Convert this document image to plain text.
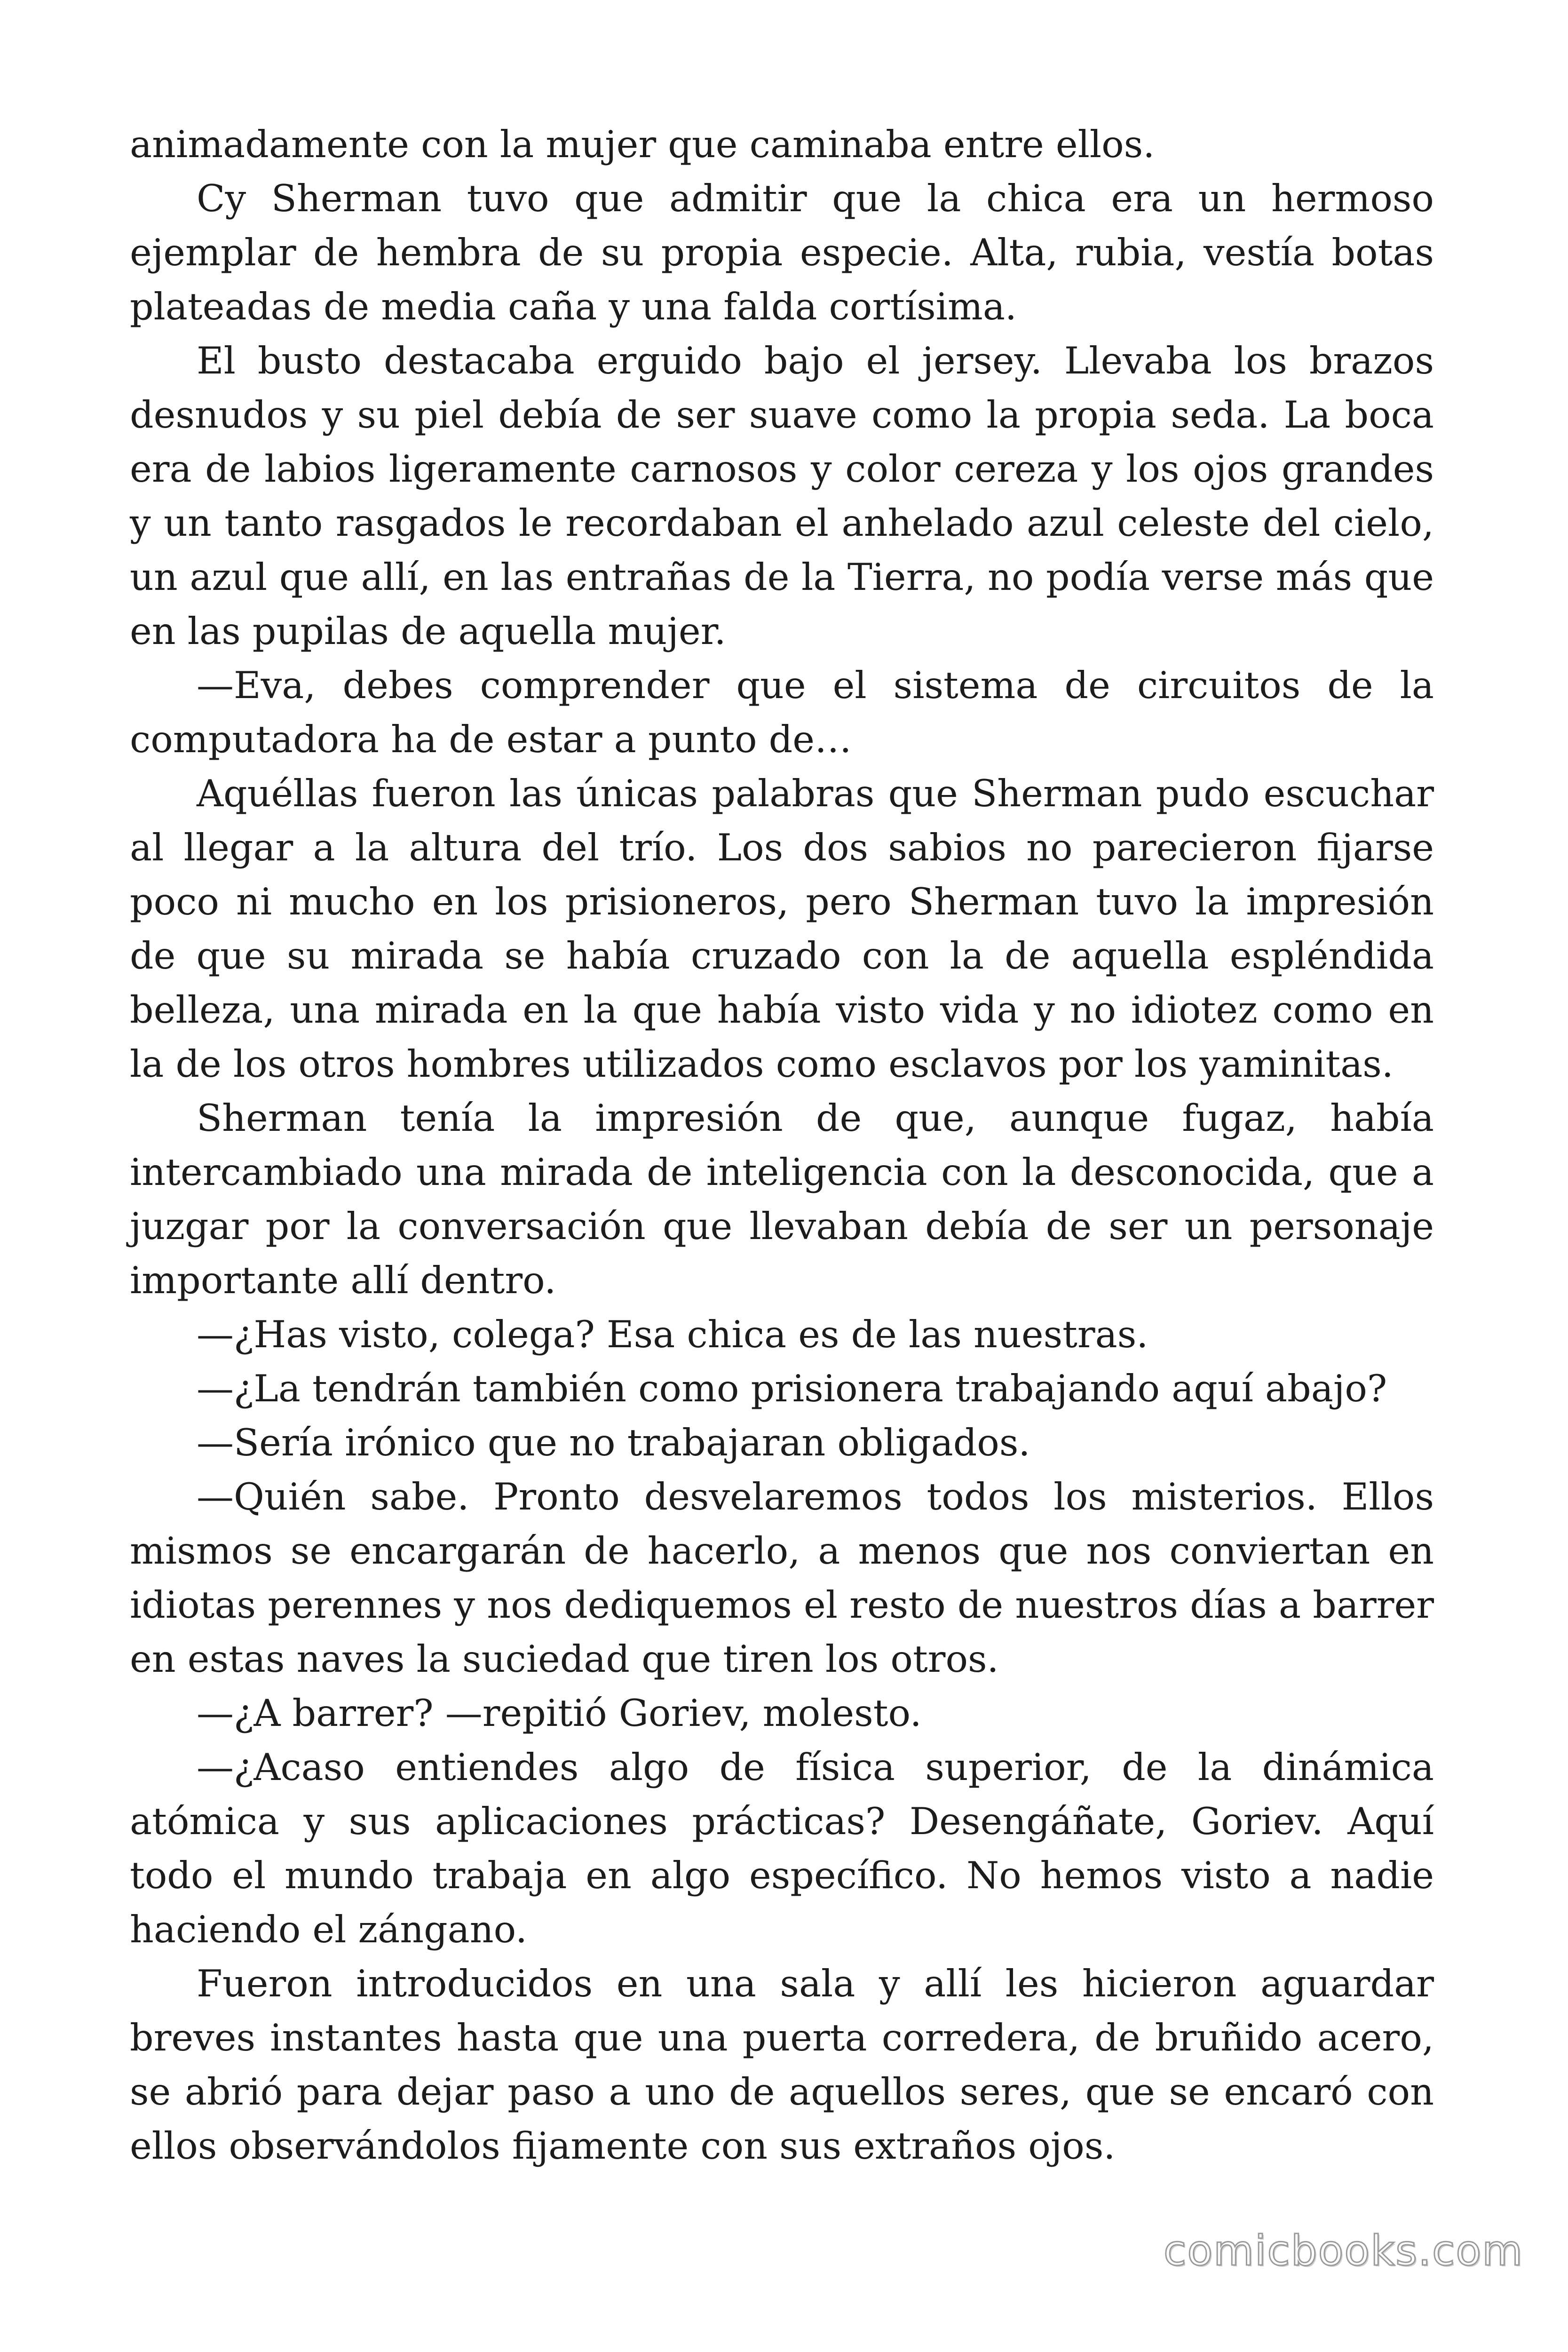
animadamente con la mujer que caminaba entre ellos.

Cy Sherman tuvo que admitir que la chica era un hermoso ejemplar de hembra de su propia especie. Alta, rubia, vestía botas plateadas de media caña y una falda cortísima.

El busto destacaba erguido bajo el jersey. Llevaba los brazos desnudos y su piel debía de ser suave como la propia seda. La boca era de labios ligeramente carnosos y color cereza y los ojos grandes y un tanto rasgados le recordaban el anhelado azul celeste del cielo, un azul que allí, en las entrañas de la Tierra, no podía verse más que en las pupilas de aquella mujer.

—Eva, debes comprender que el sistema de circuitos de la computadora ha de estar a punto de…

Aquéllas fueron las únicas palabras que Sherman pudo escuchar al llegar a la altura del trío. Los dos sabios no parecieron fijarse poco ni mucho en los prisioneros, pero Sherman tuvo la impresión de que su mirada se había cruzado con la de aquella espléndida belleza, una mirada en la que había visto vida y no idiotez como en la de los otros hombres utilizados como esclavos por los yaminitas.

Sherman tenía la impresión de que, aunque fugaz, había intercambiado una mirada de inteligencia con la desconocida, que a juzgar por la conversación que llevaban debía de ser un personaje importante allí dentro.

—¿Has visto, colega? Esa chica es de las nuestras.

—¿La tendrán también como prisionera trabajando aquí abajo?

—Sería irónico que no trabajaran obligados.

—Quién sabe. Pronto desvelaremos todos los misterios. Ellos mismos se encargarán de hacerlo, a menos que nos conviertan en idiotas perennes y nos dediquemos el resto de nuestros días a barrer en estas naves la suciedad que tiren los otros.

—¿A barrer? —repitió Goriev, molesto.

—¿Acaso entiendes algo de física superior, de la dinámica atómica y sus aplicaciones prácticas? Desengáñate, Goriev. Aquí todo el mundo trabaja en algo específico. No hemos visto a nadie haciendo el zángano.

Fueron introducidos en una sala y allí les hicieron aguardar breves instantes hasta que una puerta corredera, de bruñido acero, se abrió para dejar paso a uno de aquellos seres, que se encaró con ellos observándolos fijamente con sus extraños ojos.

comicbooks.com
